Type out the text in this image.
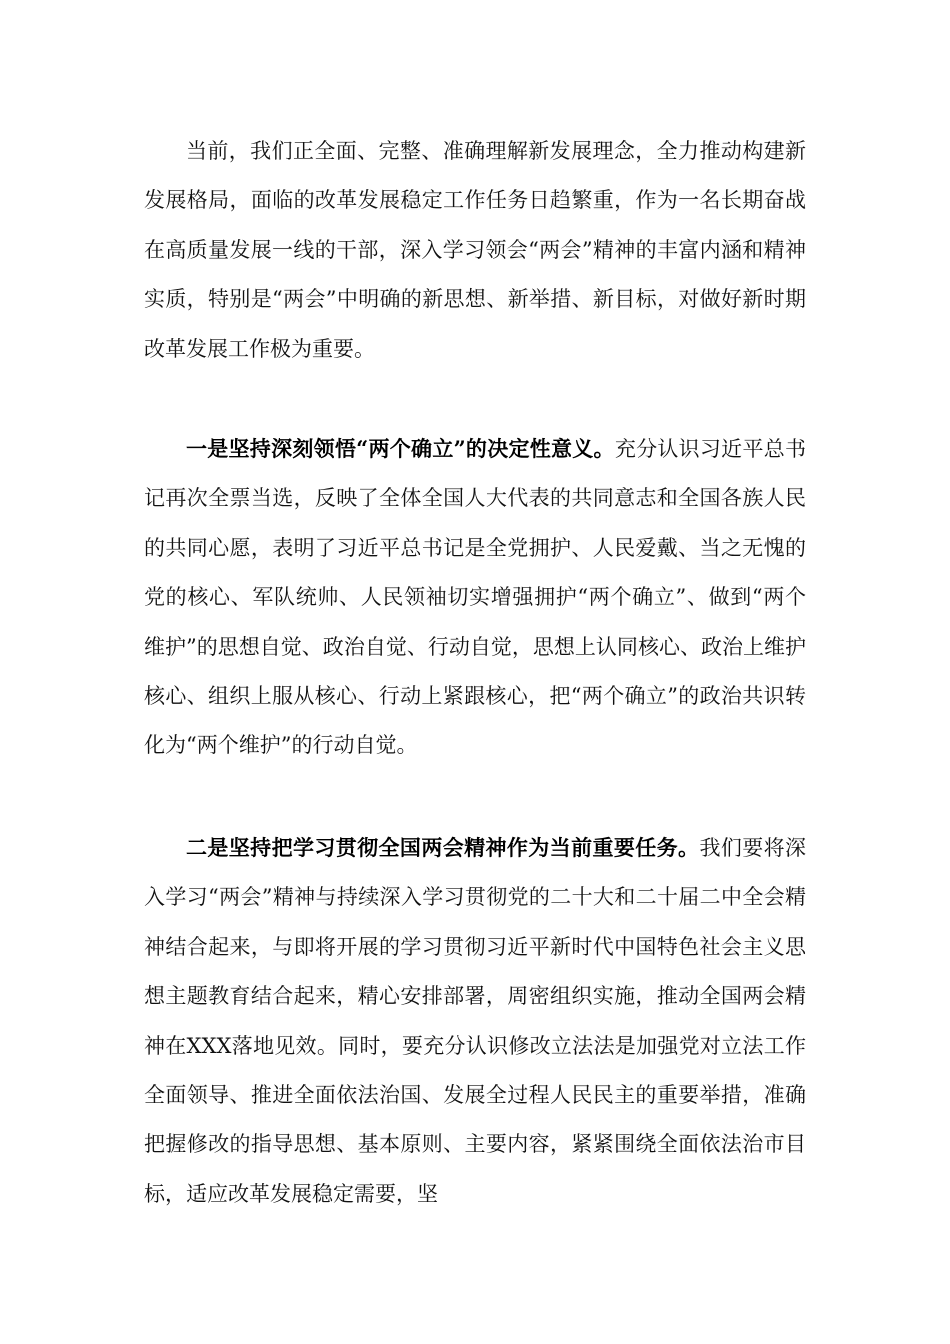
当前，我们正全面、完整、准确理解新发展理念，全力推动构建新发展格局，面临的改革发展稳定工作任务日趋繁重，作为一名长期奋战在高质量发展一线的干部，深入学习领会“两会”精神的丰富内涵和精神实质，特别是“两会”中明确的新思想、新举措、新目标，对做好新时期改革发展工作极为重要。

一是坚持深刻领悟“两个确立”的决定性意义。充分认识习近平总书记再次全票当选，反映了全体全国人大代表的共同意志和全国各族人民的共同心愿，表明了习近平总书记是全党拥护、人民爱戴、当之无愧的党的核心、军队统帅、人民领袖切实增强拥护“两个确立”、做到“两个维护”的思想自觉、政治自觉、行动自觉，思想上认同核心、政治上维护核心、组织上服从核心、行动上紧跟核心，把“两个确立”的政治共识转化为“两个维护”的行动自觉。

二是坚持把学习贯彻全国两会精神作为当前重要任务。我们要将深入学习“两会”精神与持续深入学习贯彻党的二十大和二十届二中全会精神结合起来，与即将开展的学习贯彻习近平新时代中国特色社会主义思想主题教育结合起来，精心安排部署，周密组织实施，推动全国两会精神在XXX落地见效。同时，要充分认识修改立法法是加强党对立法工作全面领导、推进全面依法治国、发展全过程人民民主的重要举措，准确把握修改的指导思想、基本原则、主要内容，紧紧围绕全面依法治市目标，适应改革发展稳定需要，坚
